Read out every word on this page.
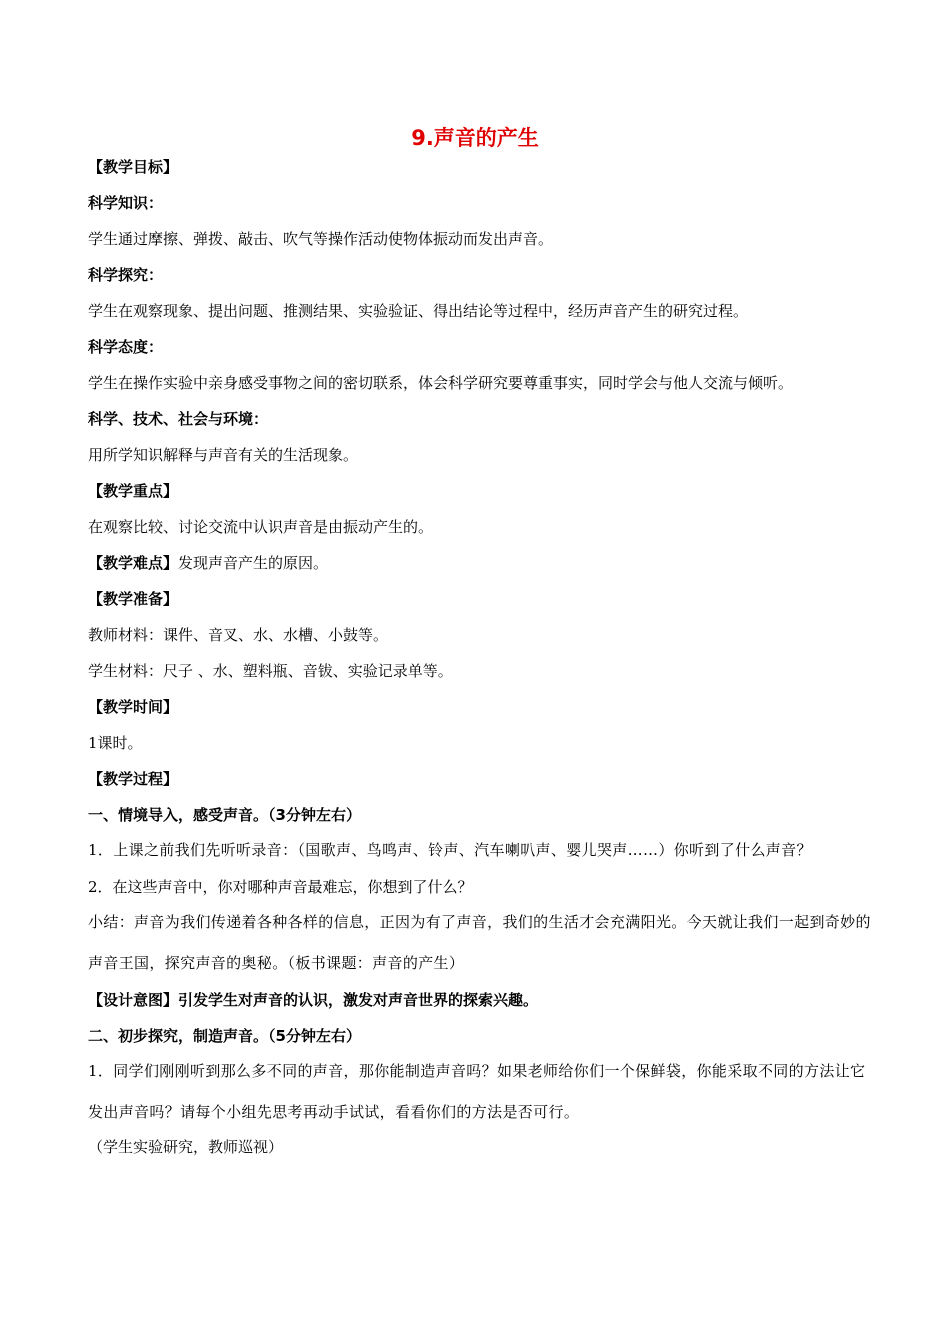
9.声音的产生
【教学目标】
科学知识：
学生通过摩擦、弹拨、敲击、吹气等操作活动使物体振动而发出声音。
科学探究：
学生在观察现象、提出问题、推测结果、实验验证、得出结论等过程中，经历声音产生的研究过程。
科学态度：
学生在操作实验中亲身感受事物之间的密切联系，体会科学研究要尊重事实，同时学会与他人交流与倾听。
科学、技术、社会与环境：
用所学知识解释与声音有关的生活现象。
【教学重点】
在观察比较、讨论交流中认识声音是由振动产生的。
【教学难点】发现声音产生的原因。
【教学准备】
教师材料：课件、音叉、水、水槽、小鼓等。
学生材料：尺子 、水、塑料瓶、音钹、实验记录单等。
【教学时间】
1课时。
【教学过程】
一、情境导入，感受声音。（3分钟左右）
1．上课之前我们先听听录音：（国歌声、鸟鸣声、铃声、汽车喇叭声、婴儿哭声……）你听到了什么声音？
2．在这些声音中，你对哪种声音最难忘，你想到了什么？
小结：声音为我们传递着各种各样的信息，正因为有了声音，我们的生活才会充满阳光。今天就让我们一起到奇妙的声音王国，探究声音的奥秘。（板书课题：声音的产生）
【设计意图】引发学生对声音的认识，激发对声音世界的探索兴趣。
二、初步探究，制造声音。（5分钟左右）
1．同学们刚刚听到那么多不同的声音，那你能制造声音吗？如果老师给你们一个保鲜袋，你能采取不同的方法让它发出声音吗？请每个小组先思考再动手试试，看看你们的方法是否可行。
（学生实验研究，教师巡视）
